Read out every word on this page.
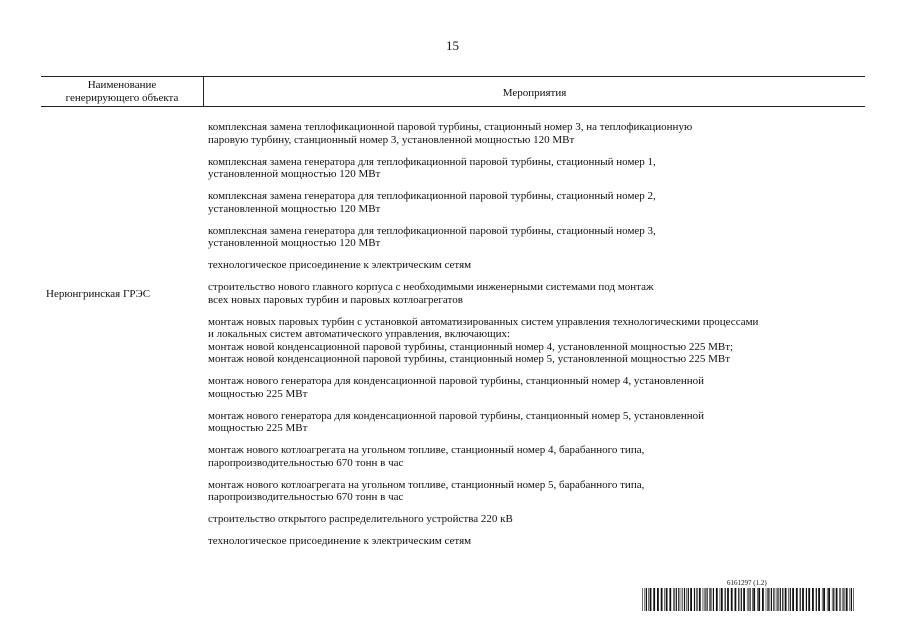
15
Наименование
генерирующего объекта	Мероприятия
Нерюнгринская ГРЭС
комплексная замена теплофикационной паровой турбины, стационный номер 3, на теплофикационную
паровую турбину, станционный номер 3, установленной мощностью 120 МВт
комплексная замена генератора для теплофикационной паровой турбины, стационный номер 1,
установленной мощностью 120 МВт
комплексная замена генератора для теплофикационной паровой турбины, стационный номер 2,
установленной мощностью 120 МВт
комплексная замена генератора для теплофикационной паровой турбины, стационный номер 3,
установленной мощностью 120 МВт
технологическое присоединение к электрическим сетям
строительство нового главного корпуса с необходимыми инженерными системами под монтаж
всех новых паровых турбин и паровых котлоагрегатов
монтаж новых паровых турбин с установкой автоматизированных систем управления технологическими процессами
и локальных систем автоматического управления, включающих:
монтаж новой конденсационной паровой турбины, станционный номер 4, установленной мощностью 225 МВт;
монтаж новой конденсационной паровой турбины, станционный номер 5, установленной мощностью 225 МВт
монтаж нового генератора для конденсационной паровой турбины, станционный номер 4, установленной
мощностью 225 МВт
монтаж нового генератора для конденсационной паровой турбины, станционный номер 5, установленной
мощностью 225 МВт
монтаж нового котлоагрегата на угольном топливе, станционный номер 4, барабанного типа,
паропроизводительностью 670 тонн в час
монтаж нового котлоагрегата на угольном топливе, станционный номер 5, барабанного типа,
паропроизводительностью 670 тонн в час
строительство открытого распределительного устройства 220 кВ
технологическое присоединение к электрическим сетям
6161297 (1.2)
